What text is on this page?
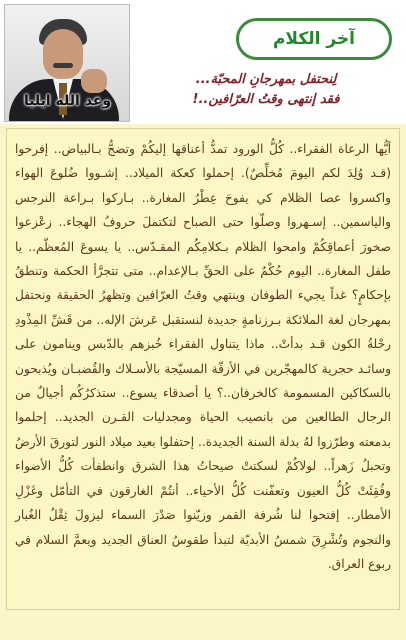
وعد الله ايليا
آخر الكلام
لِنحتفل بمهرجانِ المحبّة...
فقد إنتهى وقتُ العرّافين..!

أيُّها الرعاة الفقراء.. كُلُّ الورود تمدُّ أعناقها إليكُمْ وتضجُّ بـالبياض.. إفرحوا (قـد وُلِدَ لكم اليومَ مُخلِّصٌ). إحملوا كعكة الميلاد.. إشـووا ضُلوعَ الهواء واكسروا عصا الظلام كي يفوحَ عِطْرُ المغارة.. بـاركوا بـراعة النرجس والياسمين.. إسـهروا وصلّوا حتى الصباح لتكتملَ حروفُ الهجاء.. زعْزعوا صخورَ أعماقِكُمْ وامحوا الظلام بـكلامِكُم المقـدّس.. يا يسوعَ المُعظّم.. يا طفل المغارة.. اليوم حُكْمٌ على الحقِّ بـالإعدام.. متى تتجرَّأ الحكمة وتنطقُ بإحكامٍ؟ غداً يجيء الطوفان وينتهي وقتُ العرّافين وتظهرُ الحقيقة ونحتفل بمهرجان لغة الملائكة بـرزنامةٍ جديدة لنستقبل عَرشَ الإله.. من قَشِّ المِذْودِ رحْلةُ الكون قـد بدأتْ.. ماذا يتناول الفقراء خُبزهم بالدّبس وينامون على وسائـد حجرية كالمهجّرين في الأزقّة المسيّجة بالأسـلاك والقُضبـان ويُذبحون بالسكاكين المسمومة كالخرفان..؟ يا أصدقاء يسوع.. ستذكرُكُم أجيالٌ من الرجال الطالعين من بانصيب الحياة ومجدليات القـرن الجديد.. إحلموا بدمعته وطرّزوا لهُ بدلة السنة الجديدة.. إحتفلوا بعيد ميلاد النور لتورقَ الأرضُ وتحبلُ زَهراً.. لولاكُمْ لسكتتْ صيحاتُ هذا الشرق وانطفأت كُلُّ الأضواء وفُقِئَتْ كُلُّ العيون وتعفّنت كُلُّ الأحياء.. أنتُمْ الغارقون في التأمّل وغَزْلِ الأمطار.. إفتحوا لنا شُرفة القمر وزيّنوا صَدْرَ السماء ليزولَ ثِقْلُ الغُبار والنجوم وتُشْرِقَ شمسُ الأبديّة لتبدأ طقوسُ العناق الجديد ويعمَّ السلام في ربوع العراق.
